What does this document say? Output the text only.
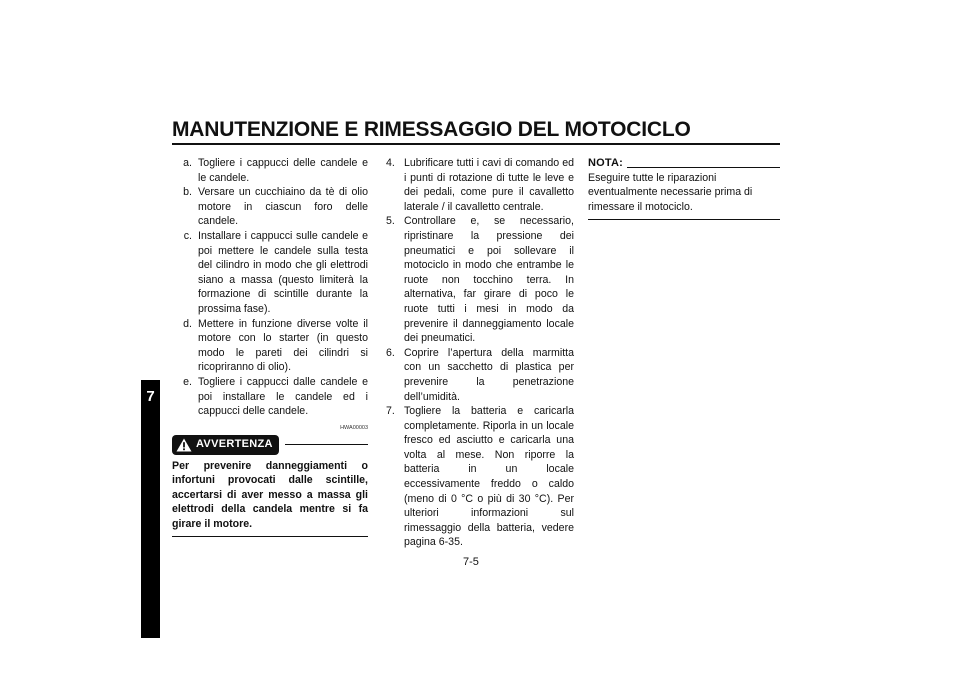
MANUTENZIONE E RIMESSAGGIO DEL MOTOCICLO
7
a. Togliere i cappucci delle candele e le candele.
b. Versare un cucchiaino da tè di olio motore in ciascun foro delle candele.
c. Installare i cappucci sulle candele e poi mettere le candele sulla testa del cilindro in modo che gli elettrodi siano a massa (questo limiterà la formazione di scintille durante la prossima fase).
d. Mettere in funzione diverse volte il motore con lo starter (in questo modo le pareti dei cilindri si ricopriranno di olio).
e. Togliere i cappucci dalle candele e poi installare le candele ed i cappucci delle candele.
HWA00003
AVVERTENZA
Per prevenire danneggiamenti o infortuni provocati dalle scintille, accertarsi di aver messo a massa gli elettrodi della candela mentre si fa girare il motore.
4. Lubrificare tutti i cavi di comando ed i punti di rotazione di tutte le leve e dei pedali, come pure il cavalletto laterale / il cavalletto centrale.
5. Controllare e, se necessario, ripristinare la pressione dei pneumatici e poi sollevare il motociclo in modo che entrambe le ruote non tocchino terra. In alternativa, far girare di poco le ruote tutti i mesi in modo da prevenire il danneggiamento locale dei pneumatici.
6. Coprire l’apertura della marmitta con un sacchetto di plastica per prevenire la penetrazione dell’umidità.
7. Togliere la batteria e caricarla completamente. Riporla in un locale fresco ed asciutto e caricarla una volta al mese. Non riporre la batteria in un locale eccessivamente freddo o caldo (meno di 0 °C o più di 30 °C). Per ulteriori informazioni sul rimessaggio della batteria, vedere pagina 6-35.
NOTA:
Eseguire tutte le riparazioni eventualmente necessarie prima di rimessare il motociclo.
7-5
